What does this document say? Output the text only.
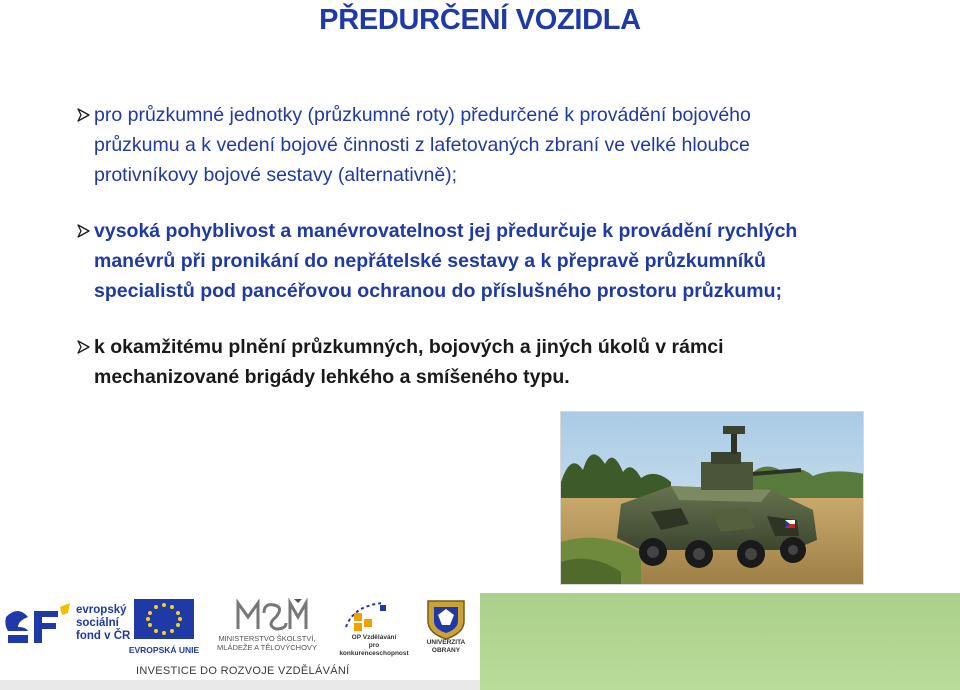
PŘEDURČENÍ VOZIDLA
pro průzkumné jednotky (průzkumné roty) předurčené k provádění bojového
průzkumu a k vedení bojové činnosti z lafetovaných zbraní ve velké hloubce
protivníkovy bojové sestavy (alternativně);
vysoká pohyblivost a manévrovatelnost jej předurčuje k provádění rychlých
manévrů při pronikání do nepřátelské sestavy a k přepravě průzkumníků
specialistů pod pancéřovou ochranou do příslušného prostoru průzkumu;
k okamžitému plnění průzkumných, bojových a jiných úkolů v rámci
mechanizované brigády lehkého a smíšeného typu.
evropský
sociální
fond v ČR
EVROPSKÁ UNIE
MINISTERSTVO ŠKOLSTVÍ,
MLÁDEŽE A TĚLOVÝCHOVY
OP Vzdělávání
pro konkurenceschopnost
UNIVERZITA
OBRANY
INVESTICE DO ROZVOJE VZDĚLÁVÁNÍ
